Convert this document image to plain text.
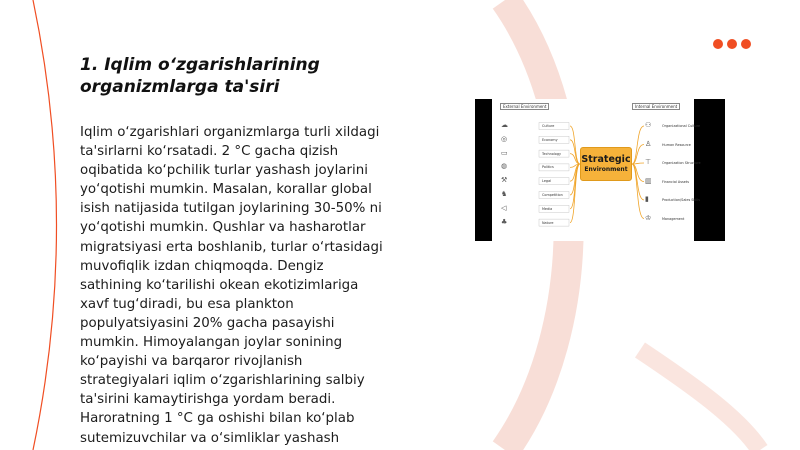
1. Iqlim o‘zgarishlarining
organizmlarga ta'siri
Iqlim o‘zgarishlari organizmlarga turli xildagi
ta'sirlarni ko‘rsatadi. 2 °C gacha qizish
oqibatida ko‘pchilik turlar yashash joylarini
yo‘qotishi mumkin. Masalan, korallar global
isish natijasida tutilgan joylarining 30-50% ni
yo‘qotishi mumkin. Qushlar va hasharotlar
migratsiyasi erta boshlanib, turlar o‘rtasidagi
muvofiqlik izdan chiqmoqda. Dengiz
sathining ko‘tarilishi okean ekotizimlariga
xavf tug‘diradi, bu esa plankton
populyatsiyasini 20% gacha pasayishi
mumkin. Himoyalangan joylar sonining
ko‘payishi va barqaror rivojlanish
strategiyalari iqlim o‘zgarishlarining salbiy
ta'sirini kamaytirishga yordam beradi.
Haroratning 1 °C ga oshishi bilan ko‘plab
sutemizuvchilar va o‘simliklar yashash
External Environment	Internal Environment
Strategic
Environment
☁	Culture
◎	Economy
▭	Technology
◍	Politics
⚒	Legal
♞	Competition
◁	Media
♣	Nature
Organizational Culture
⚇
Human Resource
♙
Organization Structure
⊤
Financial Assets
▥
Production/Sales Skills
▮
Management
♔
